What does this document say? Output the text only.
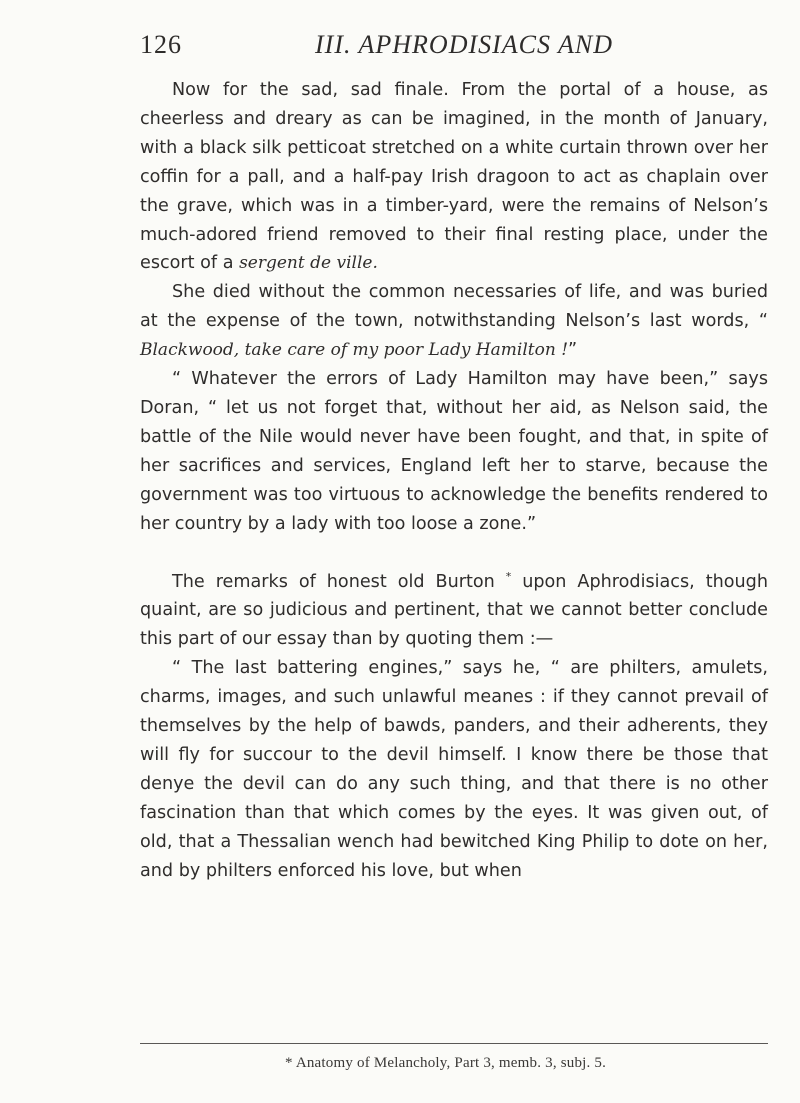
126	III. APHRODISIACS AND

Now for the sad, sad finale. From the portal of a house, as cheerless and dreary as can be imagined, in the month of January, with a black silk petticoat stretched on a white curtain thrown over her coffin for a pall, and a half-pay Irish dragoon to act as chaplain over the grave, which was in a timber-yard, were the remains of Nelson’s much-adored friend removed to their final resting place, under the escort of a sergent de ville.

She died without the common necessaries of life, and was buried at the expense of the town, notwithstanding Nelson’s last words, “ Blackwood, take care of my poor Lady Hamilton !”

“ Whatever the errors of Lady Hamilton may have been,” says Doran, “ let us not forget that, without her aid, as Nelson said, the battle of the Nile would never have been fought, and that, in spite of her sacrifices and services, England left her to starve, because the government was too virtuous to acknowledge the benefits rendered to her country by a lady with too loose a zone.”

The remarks of honest old Burton * upon Aphrodisiacs, though quaint, are so judicious and pertinent, that we cannot better conclude this part of our essay than by quoting them :—

“ The last battering engines,” says he, “ are philters, amulets, charms, images, and such unlawful meanes : if they cannot prevail of themselves by the help of bawds, panders, and their adherents, they will fly for succour to the devil himself. I know there be those that denye the devil can do any such thing, and that there is no other fascination than that which comes by the eyes. It was given out, of old, that a Thessalian wench had bewitched King Philip to dote on her, and by philters enforced his love, but when

* Anatomy of Melancholy, Part 3, memb. 3, subj. 5.
